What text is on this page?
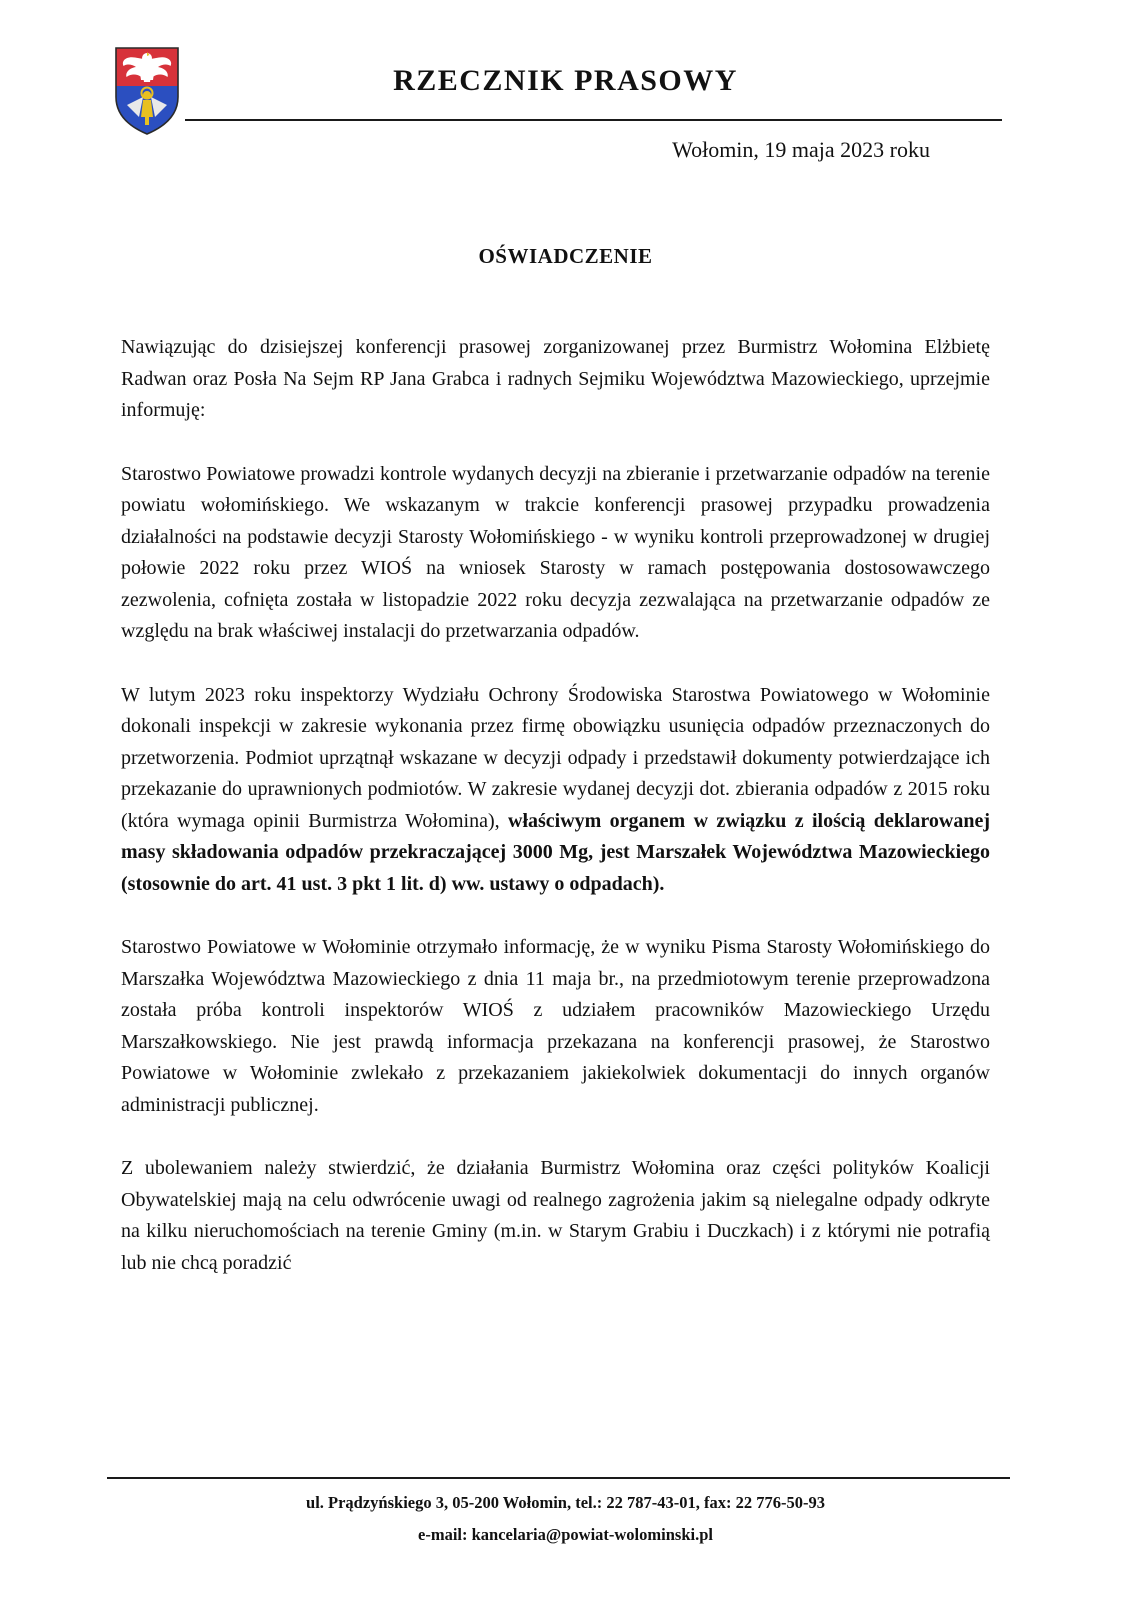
RZECZNIK PRASOWY
Wołomin, 19 maja 2023 roku
OŚWIADCZENIE

Nawiązując do dzisiejszej konferencji prasowej zorganizowanej przez Burmistrz Wołomina Elżbietę Radwan oraz Posła Na Sejm RP Jana Grabca i radnych Sejmiku Województwa Mazowieckiego, uprzejmie informuję:

Starostwo Powiatowe prowadzi kontrole wydanych decyzji na zbieranie i przetwarzanie odpadów na terenie powiatu wołomińskiego. We wskazanym w trakcie konferencji prasowej przypadku prowadzenia działalności na podstawie decyzji Starosty Wołomińskiego - w wyniku kontroli przeprowadzonej w drugiej połowie 2022 roku przez WIOŚ na wniosek Starosty w ramach postępowania dostosowawczego zezwolenia, cofnięta została w listopadzie 2022 roku decyzja zezwalająca na przetwarzanie odpadów ze względu na brak właściwej instalacji do przetwarzania odpadów.

W lutym 2023 roku inspektorzy Wydziału Ochrony Środowiska Starostwa Powiatowego w Wołominie dokonali inspekcji w zakresie wykonania przez firmę obowiązku usunięcia odpadów przeznaczonych do przetworzenia. Podmiot uprzątnął wskazane w decyzji odpady i przedstawił dokumenty potwierdzające ich przekazanie do uprawnionych podmiotów. W zakresie wydanej decyzji dot. zbierania odpadów z 2015 roku (która wymaga opinii Burmistrza Wołomina), właściwym organem w związku z ilością deklarowanej masy składowania odpadów przekraczającej 3000 Mg, jest Marszałek Województwa Mazowieckiego (stosownie do art. 41 ust. 3 pkt 1 lit. d) ww. ustawy o odpadach).

Starostwo Powiatowe w Wołominie otrzymało informację, że w wyniku Pisma Starosty Wołomińskiego do Marszałka Województwa Mazowieckiego z dnia 11 maja br., na przedmiotowym terenie przeprowadzona została próba kontroli inspektorów WIOŚ z udziałem pracowników Mazowieckiego Urzędu Marszałkowskiego. Nie jest prawdą informacja przekazana na konferencji prasowej, że Starostwo Powiatowe w Wołominie zwlekało z przekazaniem jakiekolwiek dokumentacji do innych organów administracji publicznej.

Z ubolewaniem należy stwierdzić, że działania Burmistrz Wołomina oraz części polityków Koalicji Obywatelskiej mają na celu odwrócenie uwagi od realnego zagrożenia jakim są nielegalne odpady odkryte na kilku nieruchomościach na terenie Gminy (m.in. w Starym Grabiu i Duczkach) i z którymi nie potrafią lub nie chcą poradzić

ul. Prądzyńskiego 3, 05-200 Wołomin, tel.: 22 787-43-01, fax: 22 776-50-93
e-mail: kancelaria@powiat-wolominski.pl
